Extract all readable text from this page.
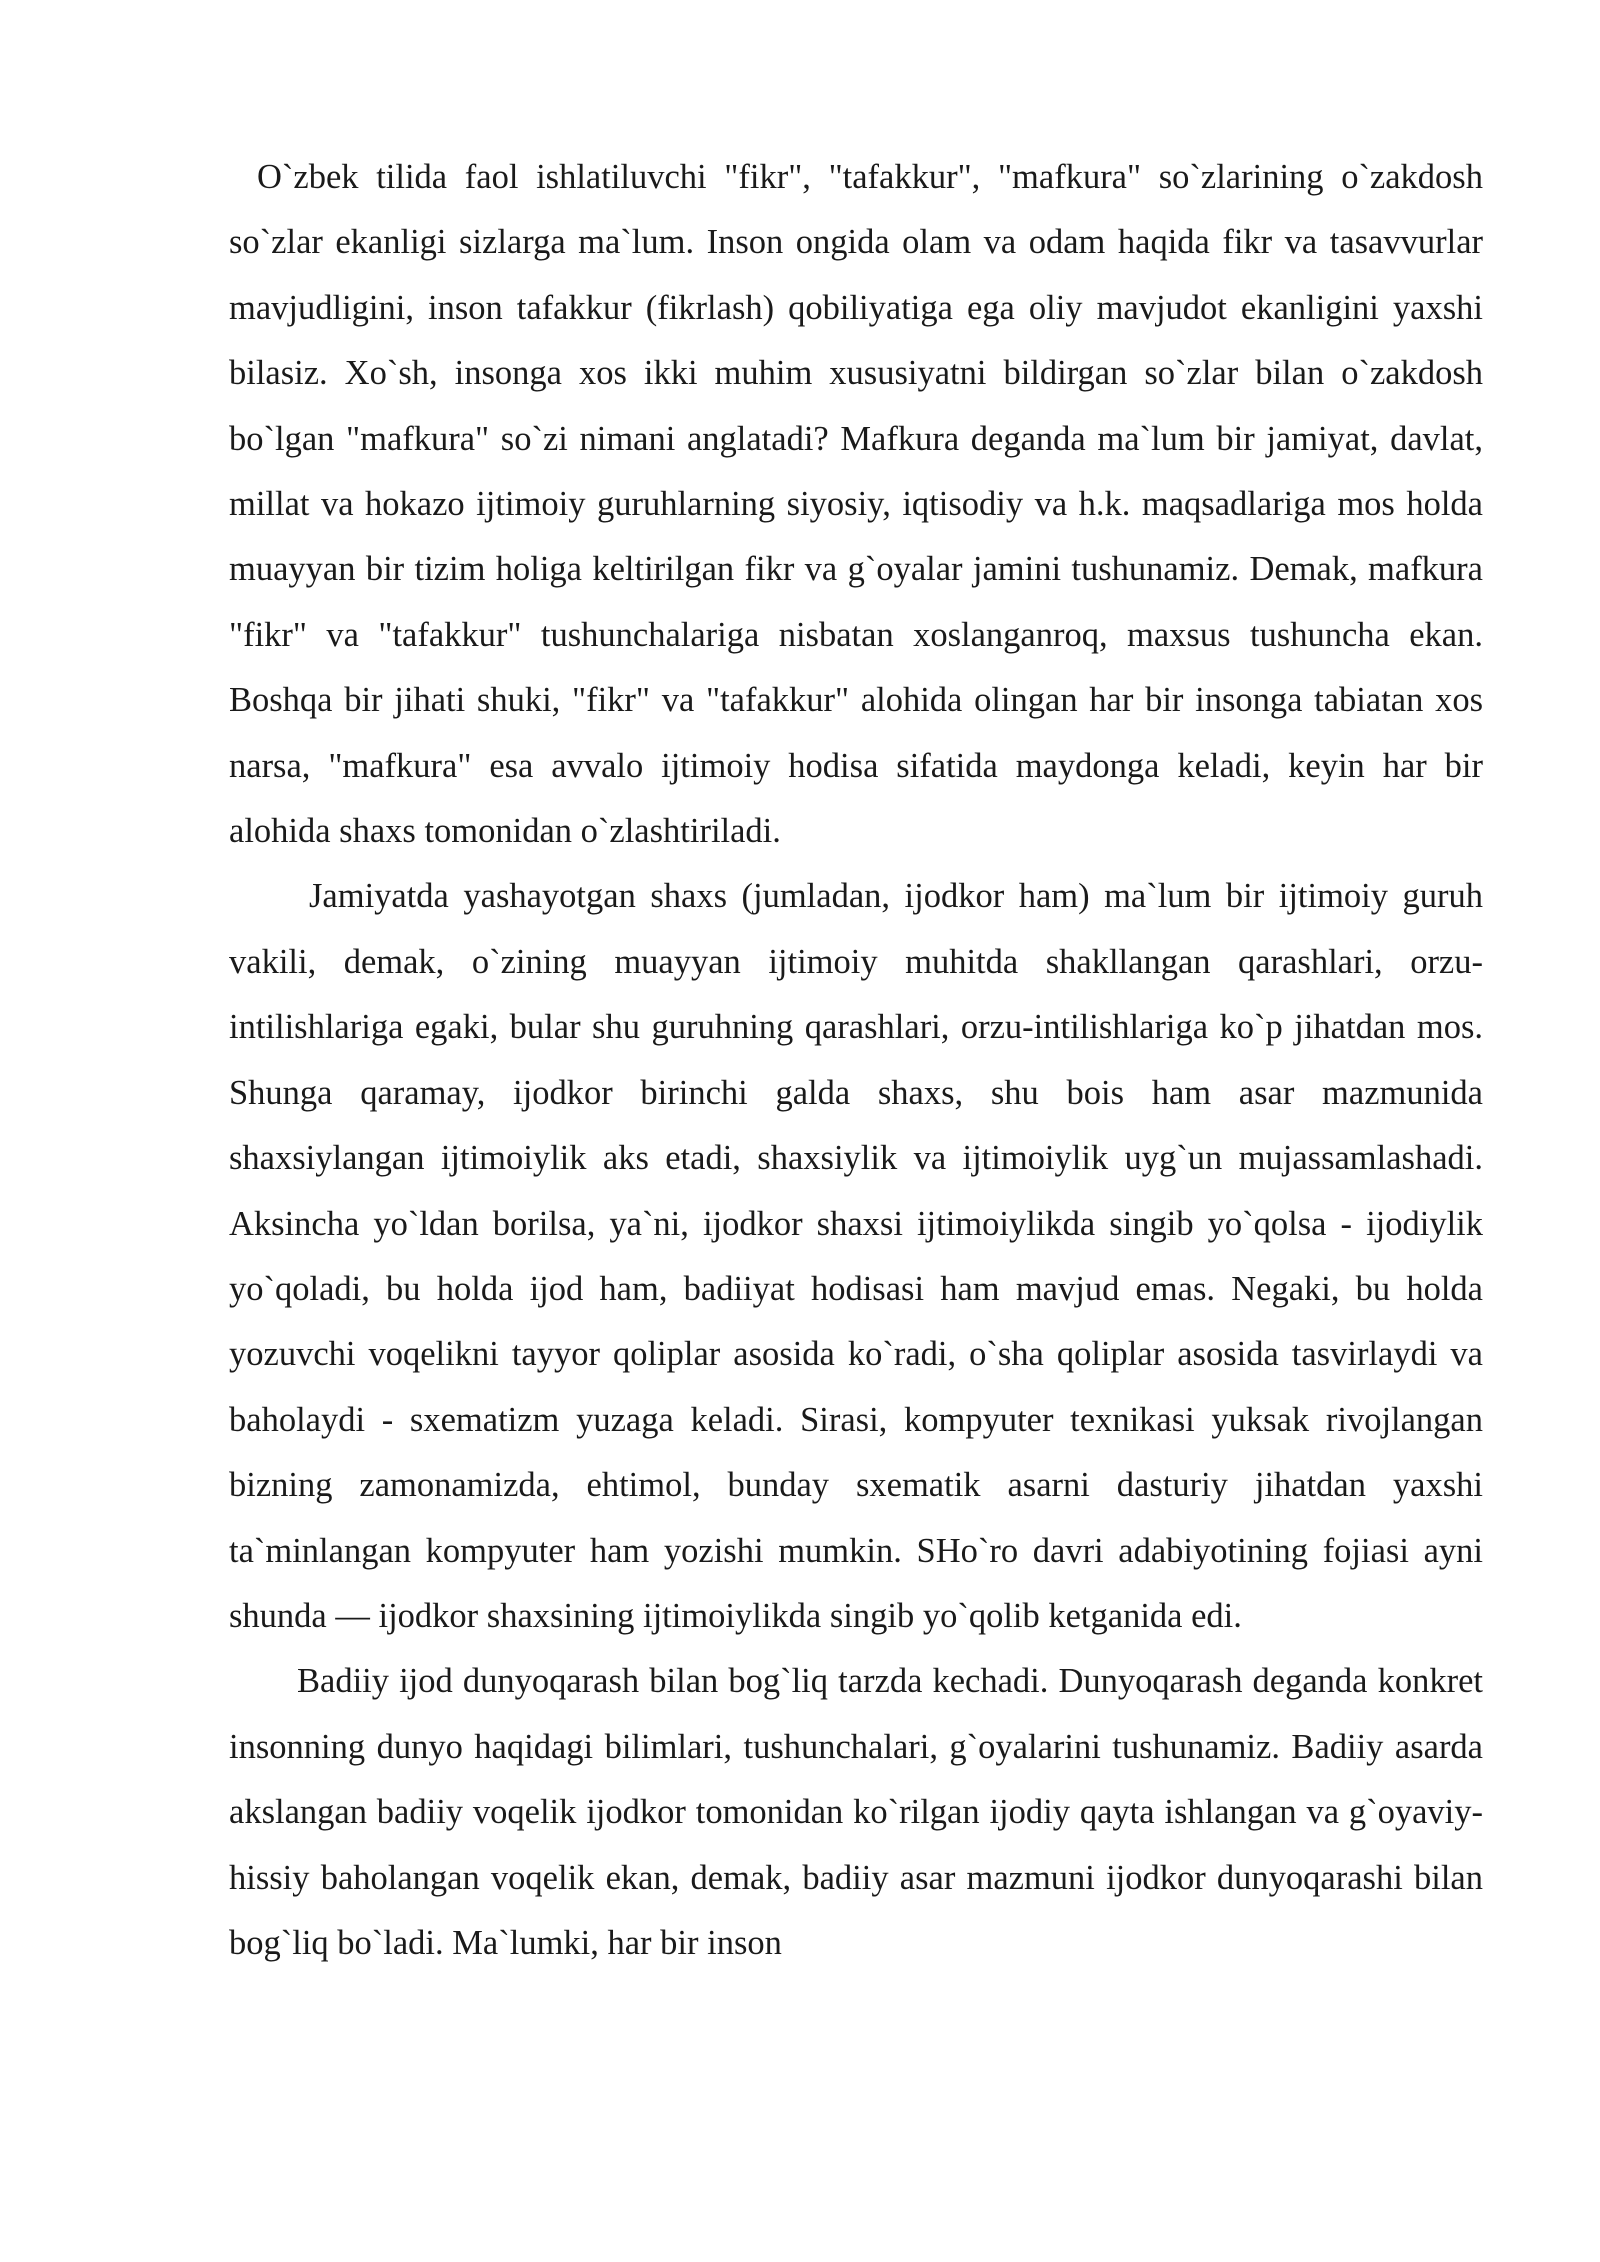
O`zbek tilida faol ishlatiluvchi "fikr", "tafakkur", "mafkura" so`zlarining o`zakdosh so`zlar ekanligi sizlarga ma`lum. Inson ongida olam va odam haqida fikr va tasavvurlar mavjudligini, inson tafakkur (fikrlash) qobiliyatiga ega oliy mavjudot ekanligini yaxshi bilasiz. Xo`sh, insonga xos ikki muhim xususiyatni bildirgan so`zlar bilan o`zakdosh bo`lgan "mafkura" so`zi nimani anglatadi? Mafkura deganda ma`lum bir jamiyat, davlat, millat va hokazo ijtimoiy guruhlarning siyosiy, iqtisodiy va h.k. maqsadlariga mos holda muayyan bir tizim holiga keltirilgan fikr va g`oyalar jamini tushunamiz. Demak, mafkura "fikr" va "tafakkur" tushunchalariga nisbatan xoslanganroq, maxsus tushuncha ekan. Boshqa bir jihati shuki, "fikr" va "tafakkur" alohida olingan har bir insonga tabiatan xos narsa, "mafkura" esa avvalo ijtimoiy hodisa sifatida maydonga keladi, keyin har bir alohida shaxs tomonidan o`zlashtiriladi.

Jamiyatda yashayotgan shaxs (jumladan, ijodkor ham) ma`lum bir ijtimoiy guruh vakili, demak, o`zining muayyan ijtimoiy muhitda shakllangan qarashlari, orzu-intilishlariga egaki, bular shu guruhning qarashlari, orzu-intilishlariga ko`p jihatdan mos. Shunga qaramay, ijodkor birinchi galda shaxs, shu bois ham asar mazmunida shaxsiylangan ijtimoiylik aks etadi, shaxsiylik va ijtimoiylik uyg`un mujassamlashadi. Aksincha yo`ldan borilsa, ya`ni, ijodkor shaxsi ijtimoiylikda singib yo`qolsa - ijodiylik yo`qoladi, bu holda ijod ham, badiiyat hodisasi ham mavjud emas. Negaki, bu holda yozuvchi voqelikni tayyor qoliplar asosida ko`radi, o`sha qoliplar asosida tasvirlaydi va baholaydi - sxematizm yuzaga keladi. Sirasi, kompyuter texnikasi yuksak rivojlangan bizning zamonamizda, ehtimol, bunday sxematik asarni dasturiy jihatdan yaxshi ta`minlangan kompyuter ham yozishi mumkin. SHo`ro davri adabiyotining fojiasi ayni shunda — ijodkor shaxsining ijtimoiylikda singib yo`qolib ketganida edi.

Badiiy ijod dunyoqarash bilan bog`liq tarzda kechadi. Dunyoqarash deganda konkret insonning dunyo haqidagi bilimlari, tushunchalari, g`oyalarini tushunamiz. Badiiy asarda akslangan badiiy voqelik ijodkor tomonidan ko`rilgan ijodiy qayta ishlangan va g`oyaviy-hissiy baholangan voqelik ekan, demak, badiiy asar mazmuni ijodkor dunyoqarashi bilan bog`liq bo`ladi. Ma`lumki, har bir inson
